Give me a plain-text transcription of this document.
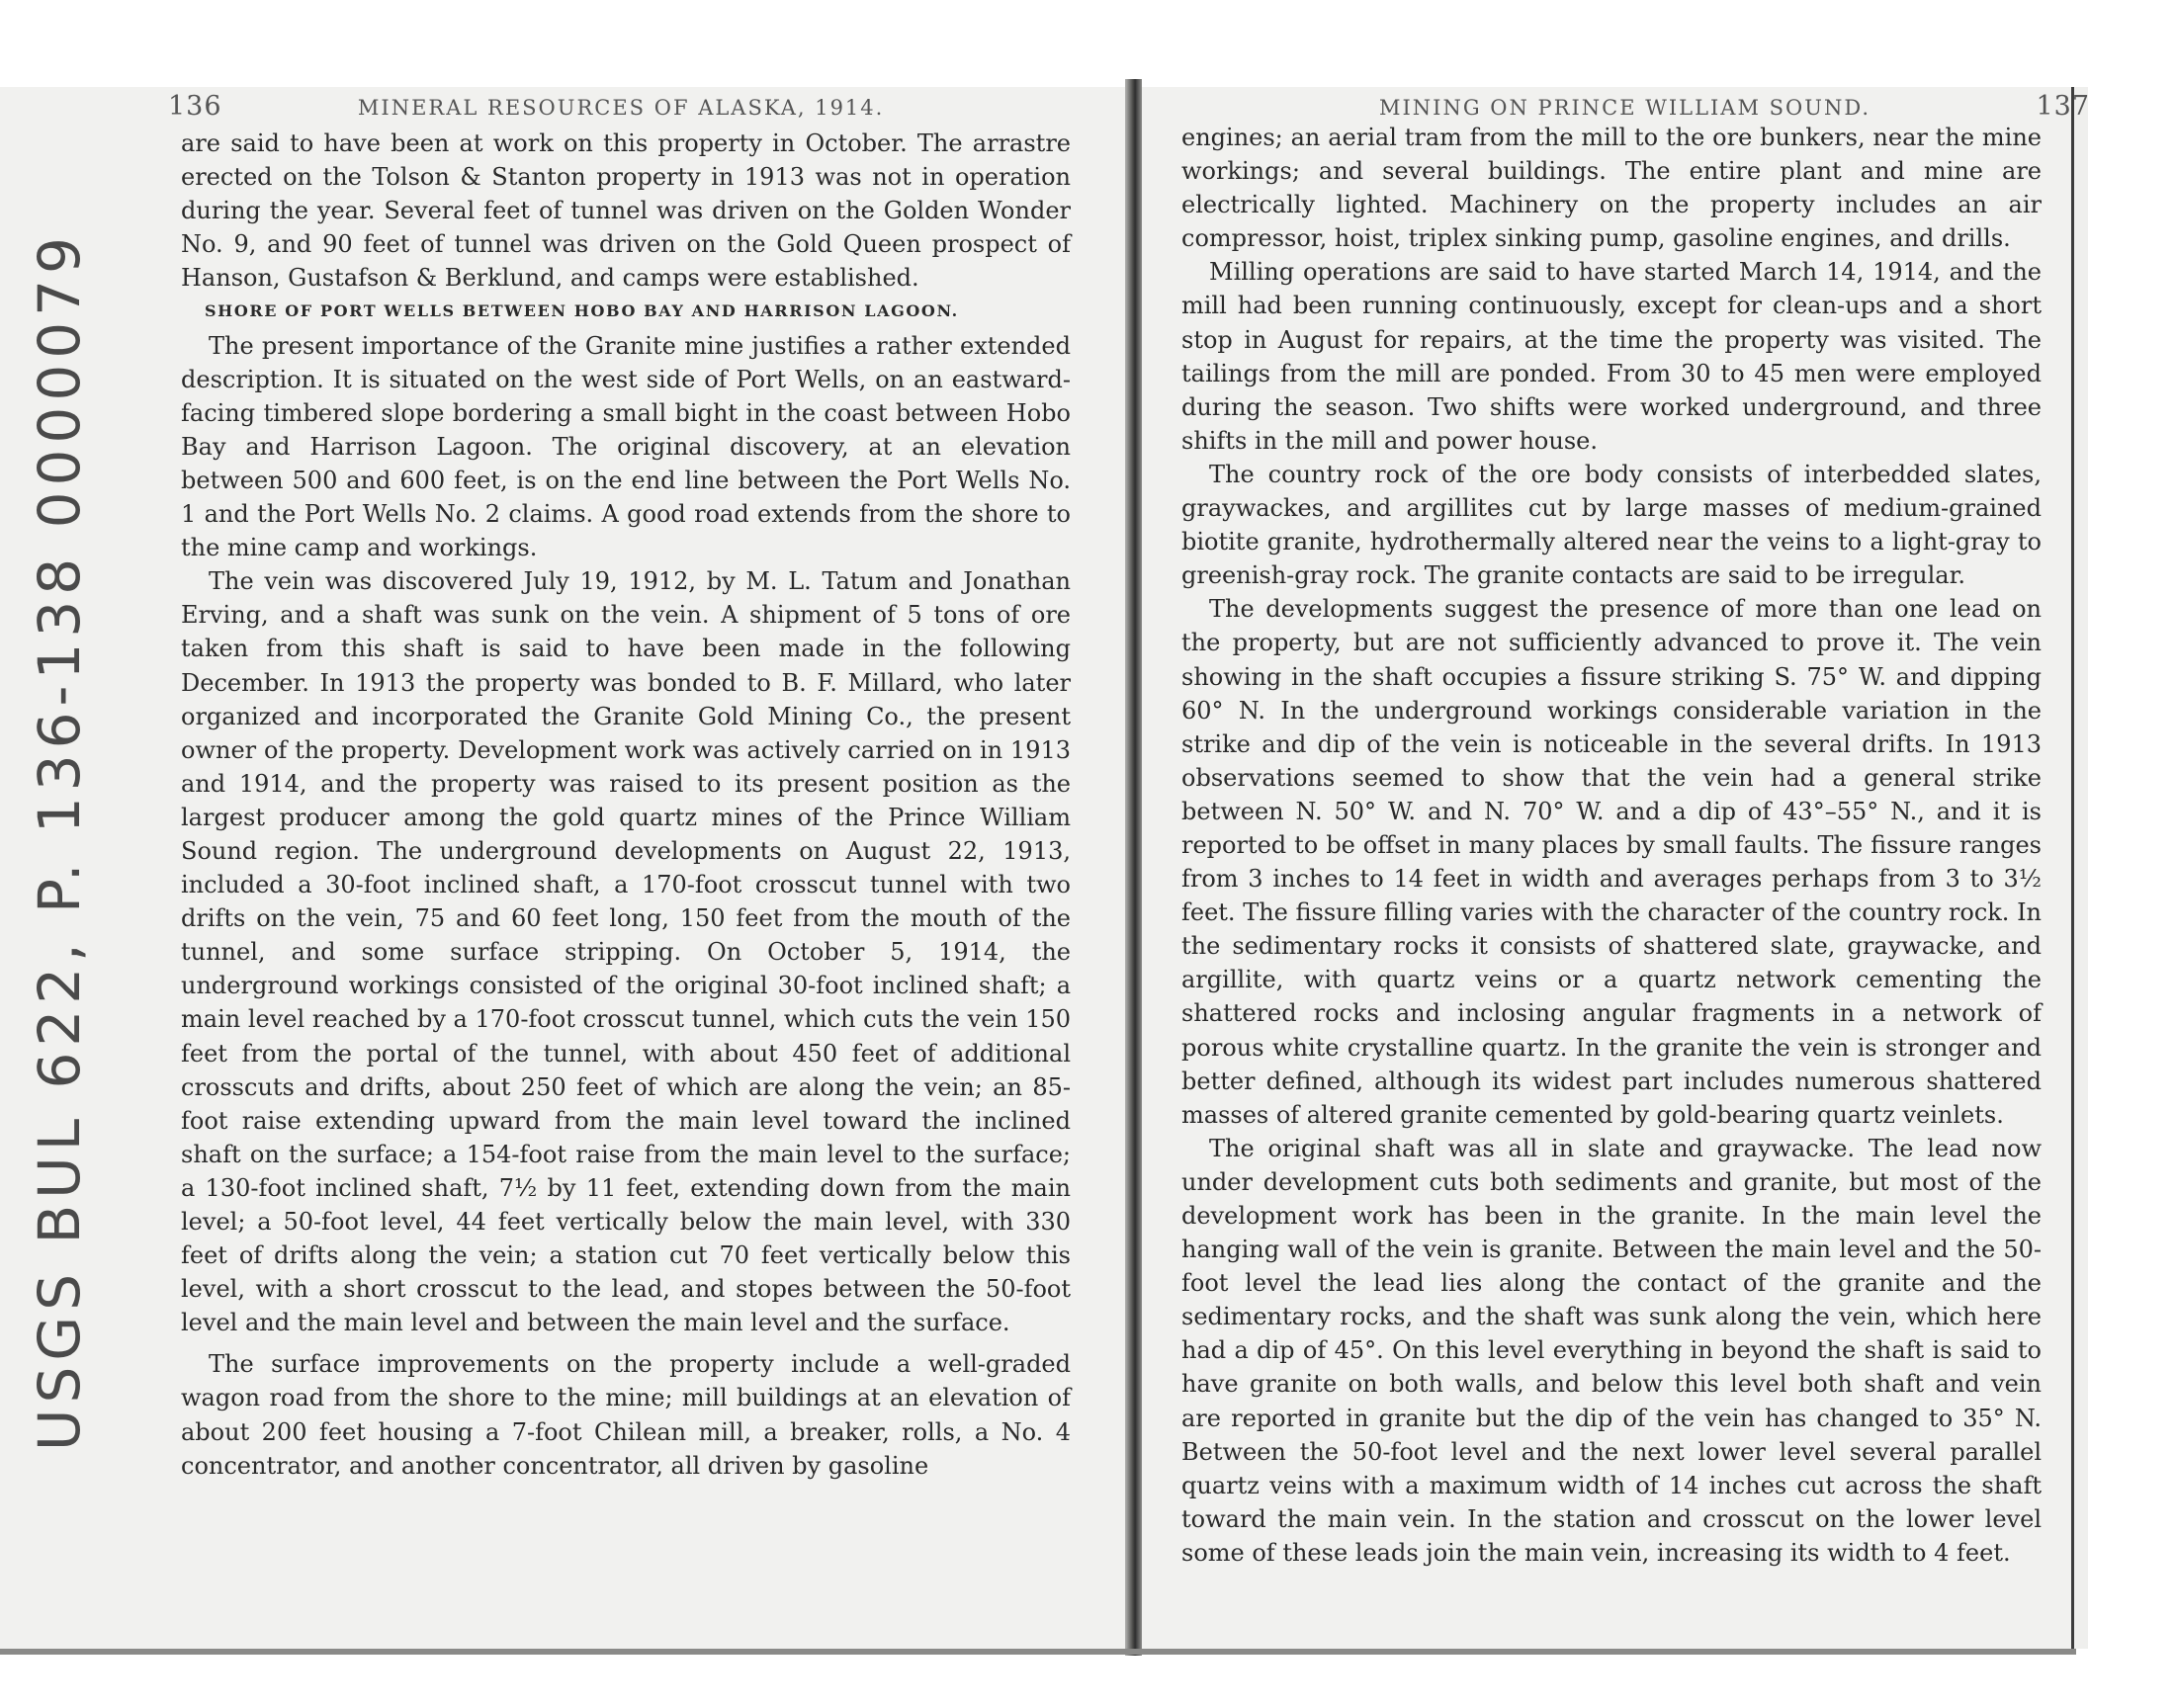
136	MINERAL RESOURCES OF ALASKA, 1914.

are said to have been at work on this property in October. The arrastre erected on the Tolson & Stanton property in 1913 was not in operation during the year. Several feet of tunnel was driven on the Golden Wonder No. 9, and 90 feet of tunnel was driven on the Gold Queen prospect of Hanson, Gustafson & Berklund, and camps were established.

SHORE OF PORT WELLS BETWEEN HOBO BAY AND HARRISON LAGOON.

The present importance of the Granite mine justifies a rather extended description. It is situated on the west side of Port Wells, on an eastward-facing timbered slope bordering a small bight in the coast between Hobo Bay and Harrison Lagoon. The original discovery, at an elevation between 500 and 600 feet, is on the end line between the Port Wells No. 1 and the Port Wells No. 2 claims. A good road extends from the shore to the mine camp and workings.

The vein was discovered July 19, 1912, by M. L. Tatum and Jonathan Erving, and a shaft was sunk on the vein. A shipment of 5 tons of ore taken from this shaft is said to have been made in the following December. In 1913 the property was bonded to B. F. Millard, who later organized and incorporated the Granite Gold Mining Co., the present owner of the property. Development work was actively carried on in 1913 and 1914, and the property was raised to its present position as the largest producer among the gold quartz mines of the Prince William Sound region. The underground developments on August 22, 1913, included a 30-foot inclined shaft, a 170-foot crosscut tunnel with two drifts on the vein, 75 and 60 feet long, 150 feet from the mouth of the tunnel, and some surface stripping. On October 5, 1914, the underground workings consisted of the original 30-foot inclined shaft; a main level reached by a 170-foot crosscut tunnel, which cuts the vein 150 feet from the portal of the tunnel, with about 450 feet of additional crosscuts and drifts, about 250 feet of which are along the vein; an 85-foot raise extending upward from the main level toward the inclined shaft on the surface; a 154-foot raise from the main level to the surface; a 130-foot inclined shaft, 7½ by 11 feet, extending down from the main level; a 50-foot level, 44 feet vertically below the main level, with 330 feet of drifts along the vein; a station cut 70 feet vertically below this level, with a short crosscut to the lead, and stopes between the 50-foot level and the main level and between the main level and the surface.

The surface improvements on the property include a well-graded wagon road from the shore to the mine; mill buildings at an elevation of about 200 feet housing a 7-foot Chilean mill, a breaker, rolls, a No. 4 concentrator, and another concentrator, all driven by gasoline

USGS BUL 622, P. 136-138 0000079
MINING ON PRINCE WILLIAM SOUND.	137

engines; an aerial tram from the mill to the ore bunkers, near the mine workings; and several buildings. The entire plant and mine are electrically lighted. Machinery on the property includes an air compressor, hoist, triplex sinking pump, gasoline engines, and drills.

Milling operations are said to have started March 14, 1914, and the mill had been running continuously, except for clean-ups and a short stop in August for repairs, at the time the property was visited. The tailings from the mill are ponded. From 30 to 45 men were employed during the season. Two shifts were worked underground, and three shifts in the mill and power house.

The country rock of the ore body consists of interbedded slates, graywackes, and argillites cut by large masses of medium-grained biotite granite, hydrothermally altered near the veins to a light-gray to greenish-gray rock. The granite contacts are said to be irregular.

The developments suggest the presence of more than one lead on the property, but are not sufficiently advanced to prove it. The vein showing in the shaft occupies a fissure striking S. 75° W. and dipping 60° N. In the underground workings considerable variation in the strike and dip of the vein is noticeable in the several drifts. In 1913 observations seemed to show that the vein had a general strike between N. 50° W. and N. 70° W. and a dip of 43°–55° N., and it is reported to be offset in many places by small faults. The fissure ranges from 3 inches to 14 feet in width and averages perhaps from 3 to 3½ feet. The fissure filling varies with the character of the country rock. In the sedimentary rocks it consists of shattered slate, graywacke, and argillite, with quartz veins or a quartz network cementing the shattered rocks and inclosing angular fragments in a network of porous white crystalline quartz. In the granite the vein is stronger and better defined, although its widest part includes numerous shattered masses of altered granite cemented by gold-bearing quartz veinlets.

The original shaft was all in slate and graywacke. The lead now under development cuts both sediments and granite, but most of the development work has been in the granite. In the main level the hanging wall of the vein is granite. Between the main level and the 50-foot level the lead lies along the contact of the granite and the sedimentary rocks, and the shaft was sunk along the vein, which here had a dip of 45°. On this level everything in beyond the shaft is said to have granite on both walls, and below this level both shaft and vein are reported in granite but the dip of the vein has changed to 35° N. Between the 50-foot level and the next lower level several parallel quartz veins with a maximum width of 14 inches cut across the shaft toward the main vein. In the station and crosscut on the lower level some of these leads join the main vein, increasing its width to 4 feet.
